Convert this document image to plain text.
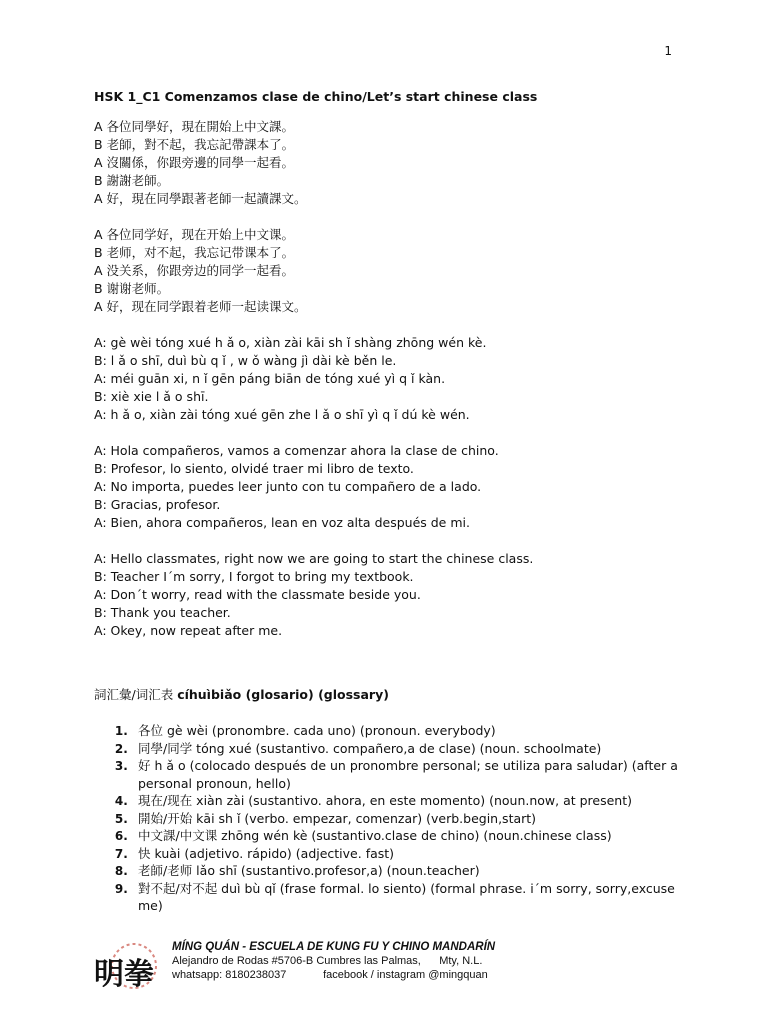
1
HSK 1_C1 Comenzamos clase de chino/Let’s start chinese class
A 各位同學好，現在開始上中文課。
B 老師，對不起，我忘記帶課本了。
A 沒關係，你跟旁邊的同學一起看。
B 謝謝老師。
A 好，現在同學跟著老師一起讀課文。
A 各位同学好，现在开始上中文课。
B 老师，对不起，我忘记带课本了。
A 没关系，你跟旁边的同学一起看。
B 谢谢老师。
A 好，现在同学跟着老师一起读课文。
A: gè wèi tóng xué h ǎ o, xiàn zài kāi sh ǐ shàng zhōng wén kè.
B: l ǎ o shī, duì bù q ǐ , w ǒ wàng jì dài kè běn le.
A: méi guān xi, n ǐ gēn páng biān de tóng xué yì q ǐ kàn.
B: xiè xie l ǎ o shī.
A: h ǎ o, xiàn zài tóng xué gēn zhe l ǎ o shī yì q ǐ dú kè wén.
A: Hola compañeros, vamos a comenzar ahora la clase de chino.
B: Profesor, lo siento, olvidé traer mi libro de texto.
A: No importa, puedes leer junto con tu compañero de a lado.
B: Gracias, profesor.
A: Bien, ahora compañeros, lean en voz alta después de mi.
A: Hello classmates, right now we are going to start the chinese class.
B: Teacher I´m sorry, I forgot to bring my textbook.
A: Don´t worry, read with the classmate beside you.
B: Thank you teacher.
A: Okey, now repeat after me.
詞汇彙/词汇表 cíhuìbiǎo (glosario) (glossary)
1. 各位 gè wèi (pronombre. cada uno) (pronoun. everybody)
2. 同學/同学 tóng xué (sustantivo. compañero,a de clase) (noun. schoolmate)
3. 好 h ǎ o (colocado después de un pronombre personal; se utiliza para saludar) (after a personal pronoun, hello)
4. 現在/现在 xiàn zài (sustantivo. ahora, en este momento) (noun.now, at present)
5. 開始/开始 kāi sh ǐ (verbo. empezar, comenzar) (verb.begin,start)
6. 中文課/中文课 zhōng wén kè (sustantivo.clase de chino) (noun.chinese class)
7. 快 kuài (adjetivo. rápido) (adjective. fast)
8. 老師/老师 lǎo shī (sustantivo.profesor,a) (noun.teacher)
9. 對不起/对不起 duì bù qǐ (frase formal. lo siento) (formal phrase. i´m sorry, sorry,excuse me)
明拳
MÍNG QUÁN - ESCUELA DE KUNG FU Y CHINO MANDARÍN
Alejandro de Rodas #5706-B Cumbres las Palmas, Mty, N.L.
whatsapp: 8180238037	facebook / instagram @mingquan
